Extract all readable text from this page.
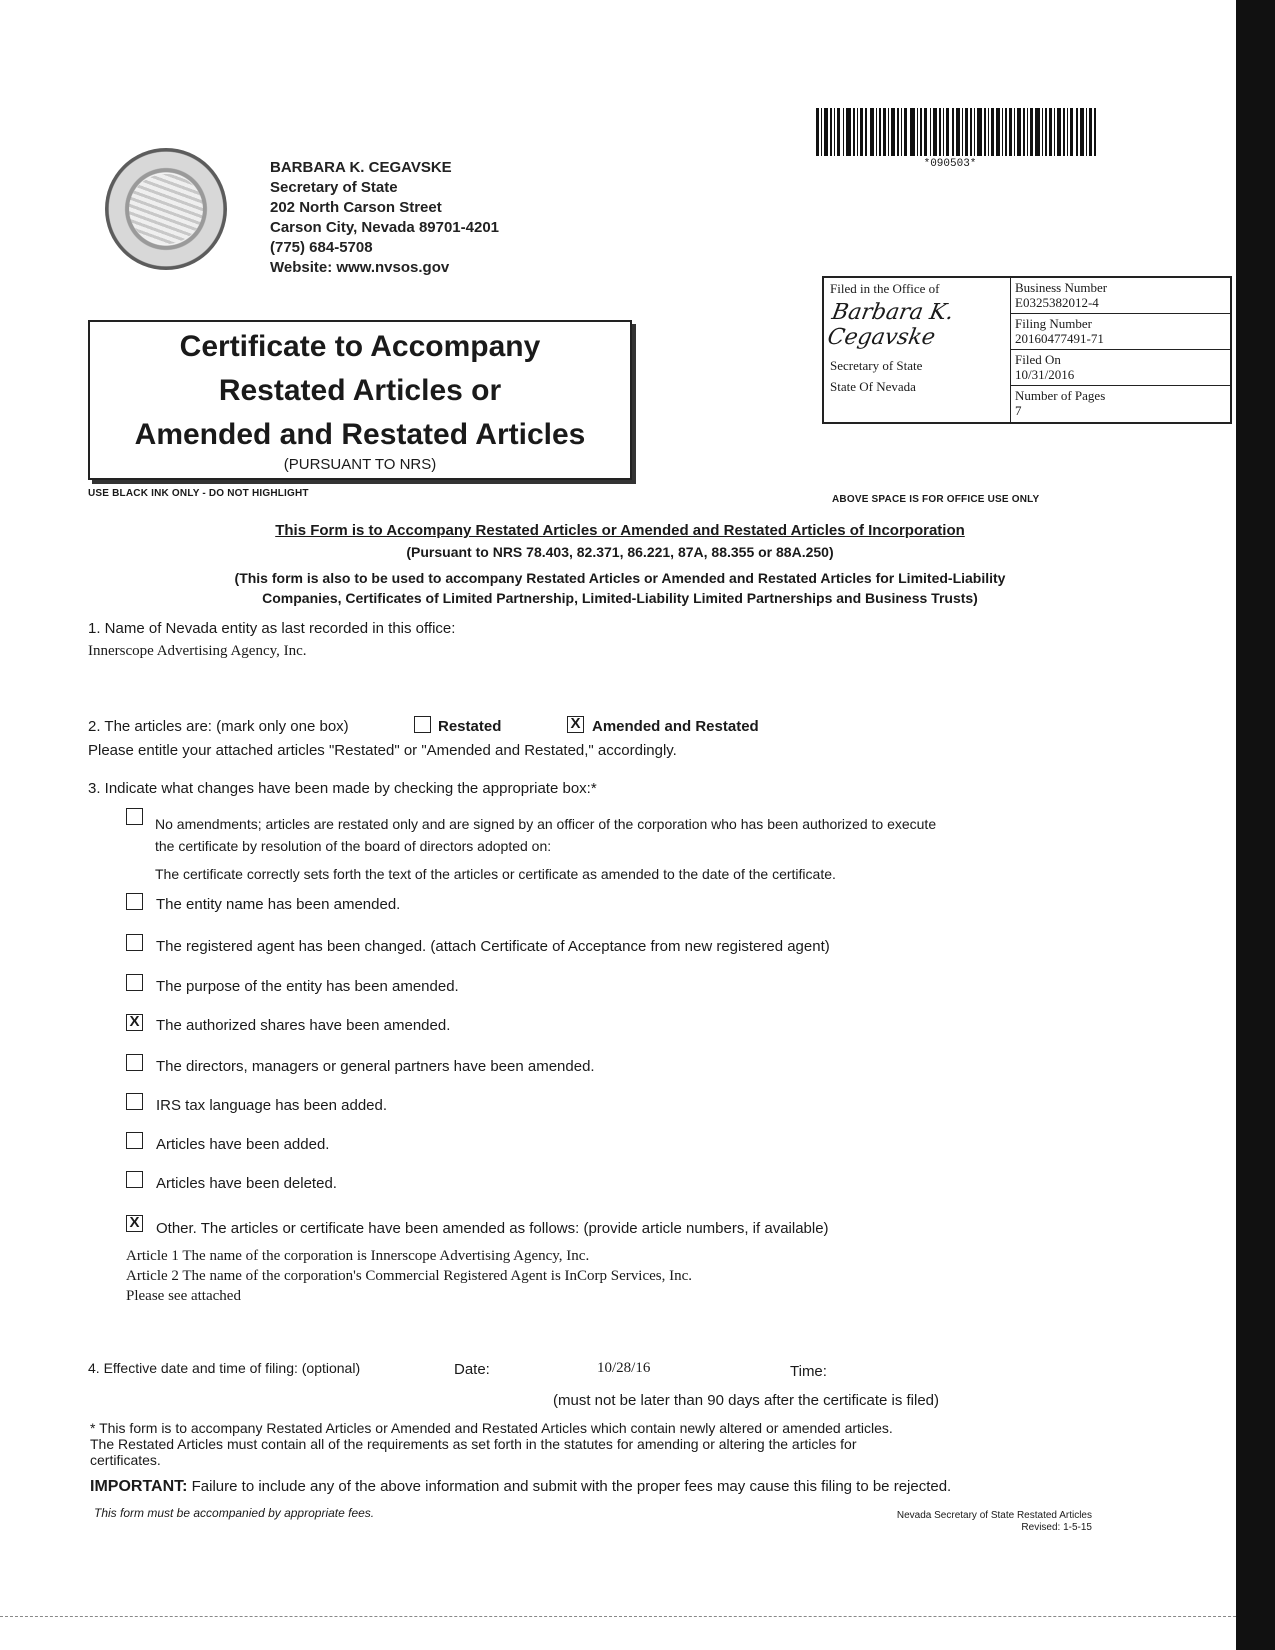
BARBARA K. CEGAVSKE
Secretary of State
202 North Carson Street
Carson City, Nevada 89701-4201
(775) 684-5708
Website: www.nvsos.gov
*090503*
Certificate to Accompany
Restated Articles or
Amended and Restated Articles
(PURSUANT TO NRS)
Filed in the Office of
Barbara K. Cegavske
Secretary of State
State Of Nevada
Business Number
E0325382012-4
Filing Number
20160477491-71
Filed On
10/31/2016
Number of Pages
7
USE BLACK INK ONLY - DO NOT HIGHLIGHT
ABOVE SPACE IS FOR OFFICE USE ONLY
This Form is to Accompany Restated Articles or Amended and Restated Articles of Incorporation
(Pursuant to NRS 78.403, 82.371, 86.221, 87A, 88.355 or 88A.250)
(This form is also to be used to accompany Restated Articles or Amended and Restated Articles for Limited-Liability
Companies, Certificates of Limited Partnership, Limited-Liability Limited Partnerships and Business Trusts)
1. Name of Nevada entity as last recorded in this office:
Innerscope Advertising Agency, Inc.
2. The articles are: (mark only one box)	Restated	X Amended and Restated
Please entitle your attached articles "Restated" or "Amended and Restated," accordingly.
3. Indicate what changes have been made by checking the appropriate box:*
No amendments; articles are restated only and are signed by an officer of the corporation who has been authorized to execute
the certificate by resolution of the board of directors adopted on:
The certificate correctly sets forth the text of the articles or certificate as amended to the date of the certificate.
The entity name has been amended.
The registered agent has been changed. (attach Certificate of Acceptance from new registered agent)
The purpose of the entity has been amended.
X The authorized shares have been amended.
The directors, managers or general partners have been amended.
IRS tax language has been added.
Articles have been added.
Articles have been deleted.
X Other. The articles or certificate have been amended as follows: (provide article numbers, if available)
Article 1 The name of the corporation is Innerscope Advertising Agency, Inc.
Article 2 The name of the corporation's Commercial Registered Agent is InCorp Services, Inc.
Please see attached
4. Effective date and time of filing: (optional)	Date:	10/28/16	Time:
(must not be later than 90 days after the certificate is filed)
* This form is to accompany Restated Articles or Amended and Restated Articles which contain newly altered or amended articles.
The Restated Articles must contain all of the requirements as set forth in the statutes for amending or altering the articles for
certificates.
IMPORTANT: Failure to include any of the above information and submit with the proper fees may cause this filing to be rejected.
This form must be accompanied by appropriate fees.	Nevada Secretary of State Restated Articles
Revised: 1-5-15
